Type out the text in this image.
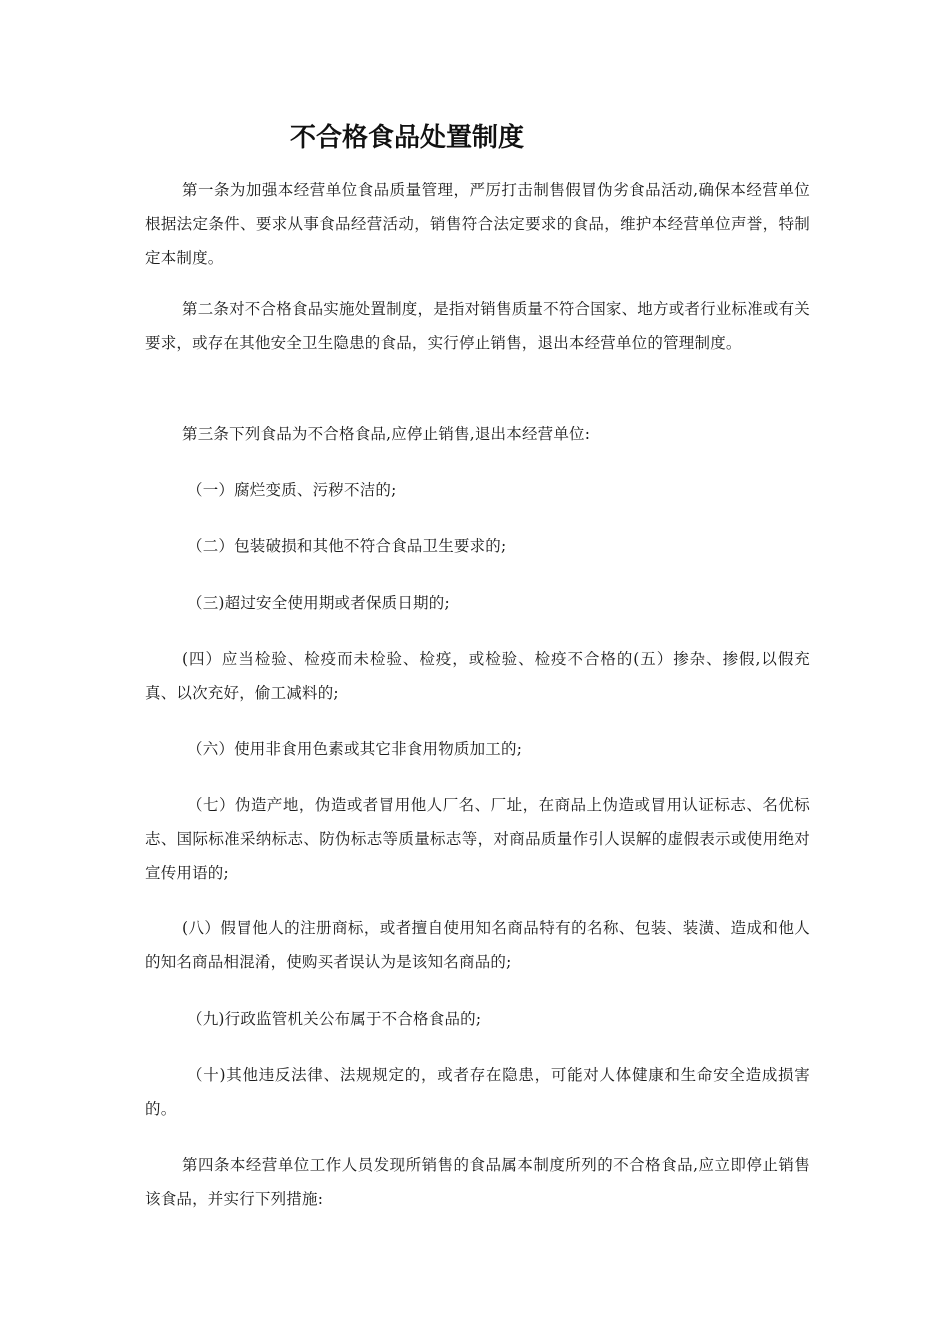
不合格食品处置制度

第一条为加强本经营单位食品质量管理，严厉打击制售假冒伪劣食品活动,确保本经营单位根据法定条件、要求从事食品经营活动，销售符合法定要求的食品，维护本经营单位声誉，特制定本制度。

第二条对不合格食品实施处置制度，是指对销售质量不符合国家、地方或者行业标准或有关要求，或存在其他安全卫生隐患的食品，实行停止销售，退出本经营单位的管理制度。

第三条下列食品为不合格食品,应停止销售,退出本经营单位:

（一）腐烂变质、污秽不洁的;

（二）包装破损和其他不符合食品卫生要求的;

（三)超过安全使用期或者保质日期的;

(四）应当检验、检疫而未检验、检疫，或检验、检疫不合格的(五）掺杂、掺假,以假充真、以次充好，偷工减料的;

（六）使用非食用色素或其它非食用物质加工的;

（七）伪造产地，伪造或者冒用他人厂名、厂址，在商品上伪造或冒用认证标志、名优标志、国际标准采纳标志、防伪标志等质量标志等，对商品质量作引人误解的虚假表示或使用绝对宣传用语的;

(八）假冒他人的注册商标，或者擅自使用知名商品特有的名称、包装、装潢、造成和他人的知名商品相混淆，使购买者误认为是该知名商品的;

（九)行政监管机关公布属于不合格食品的;

（十)其他违反法律、法规规定的，或者存在隐患，可能对人体健康和生命安全造成损害的。

第四条本经营单位工作人员发现所销售的食品属本制度所列的不合格食品,应立即停止销售该食品，并实行下列措施:
